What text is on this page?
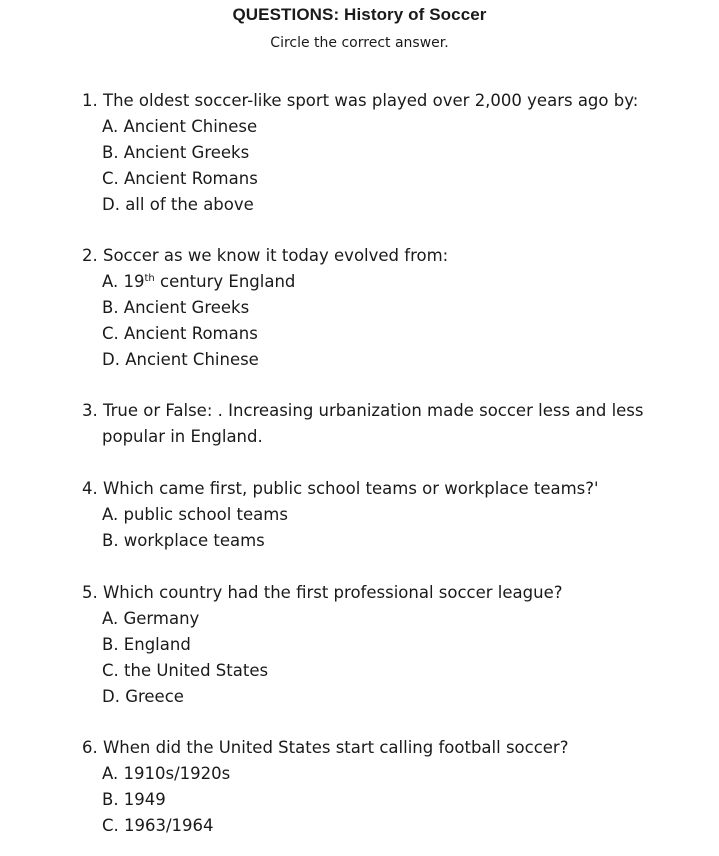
QUESTIONS: History of Soccer

Circle the correct answer.

1. The oldest soccer-like sport was played over 2,000 years ago by:

A. Ancient Chinese
B. Ancient Greeks
C. Ancient Romans
D. all of the above

2. Soccer as we know it today evolved from:

A. 19th century England
B. Ancient Greeks
C. Ancient Romans
D. Ancient Chinese

3. True or False: . Increasing urbanization made soccer less and less popular in England.

4. Which came first, public school teams or workplace teams?'

A. public school teams
B. workplace teams

5. Which country had the first professional soccer league?

A. Germany
B. England
C. the United States
D. Greece

6. When did the United States start calling football soccer?

A. 1910s/1920s
B. 1949
C. 1963/1964
